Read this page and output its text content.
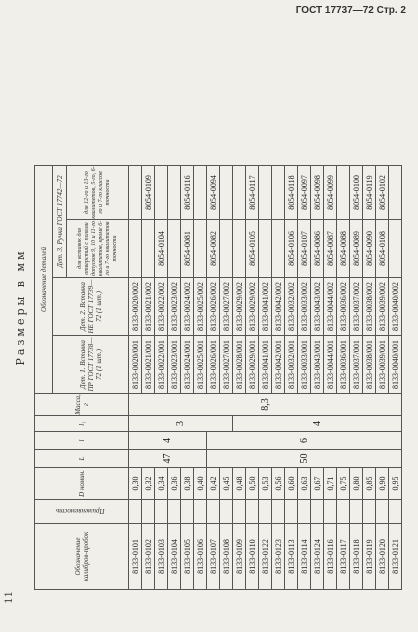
ГОСТ 17737—72 Стр. 2
11
Размеры в мм
Обозначение калибров-пробок	Применяемость	D номин.	L	l	l₁	Масса, г	Обозначение деталей			
							Дет. 1. Вставка ПР ГОСТ 17738—72 (1 шт.)	Дет. 2. Вставка НЕ ГОСТ 17739—72 (1 шт.)	Дет. 3. Ручка ГОСТ 17742—72	
									для вставок для отверстий с полями допусков 9, 10 и 11-го квалитетов, кроме 6-го и 7-го квалитетов точности	для 12-го и 13-го квалитетов, 5-го, 6-го и 7-го классов точности
8133-0101		0,30	47	4	3	8,3	8133-0020/001	8133-0020/002		
8133-0102		0,32					8133-0021/001	8133-0021/002		8054-0109
8133-0103		0,34					8133-0022/001	8133-0022/002	8054-0104	
8133-0104		0,36					8133-0023/001	8133-0023/002		
8133-0105		0,38					8133-0024/001	8133-0024/002	8054-0081	8054-0116
8133-0106		0,40					8133-0025/001	8133-0025/002		
8133-0107		0,42	50	6			8133-0026/001	8133-0026/002	8054-0082	8054-0094
8133-0108		0,45					8133-0027/001	8133-0027/002		
8133-0109		0,48			4		8133-0028/001	8133-0029/002		
8133-0110		0,50					8133-0029/001	8133-0029/002	8054-0105	8054-0117
8133-0122		0,53					8133-0041/001	8133-0041/002		
8133-0123		0,56					8133-0042/001	8133-0042/002		
8133-0113		0,60					8133-0032/001	8133-0032/002	8054-0106	8054-0118
8133-0114		0,63					8133-0033/001	8133-0033/002	8054-0107	8054-0097
8133-0124		0,67					8133-0043/001	8133-0043/002	8054-0086	8054-0098
8133-0116		0,71					8133-0044/001	8133-0044/002	8054-0087	8054-0099
8133-0117		0,75					8133-0036/001	8133-0036/002	8054-0088	
8133-0118		0,80					8133-0037/001	8133-0037/002	8054-0089	8054-0100
8133-0119		0,85					8133-0038/001	8133-0038/002	8054-0090	8054-0119
8133-0120		0,90					8133-0039/001	8133-0039/002	8054-0108	8054-0102
8133-0121		0,95					8133-0040/001	8133-0040/002		
